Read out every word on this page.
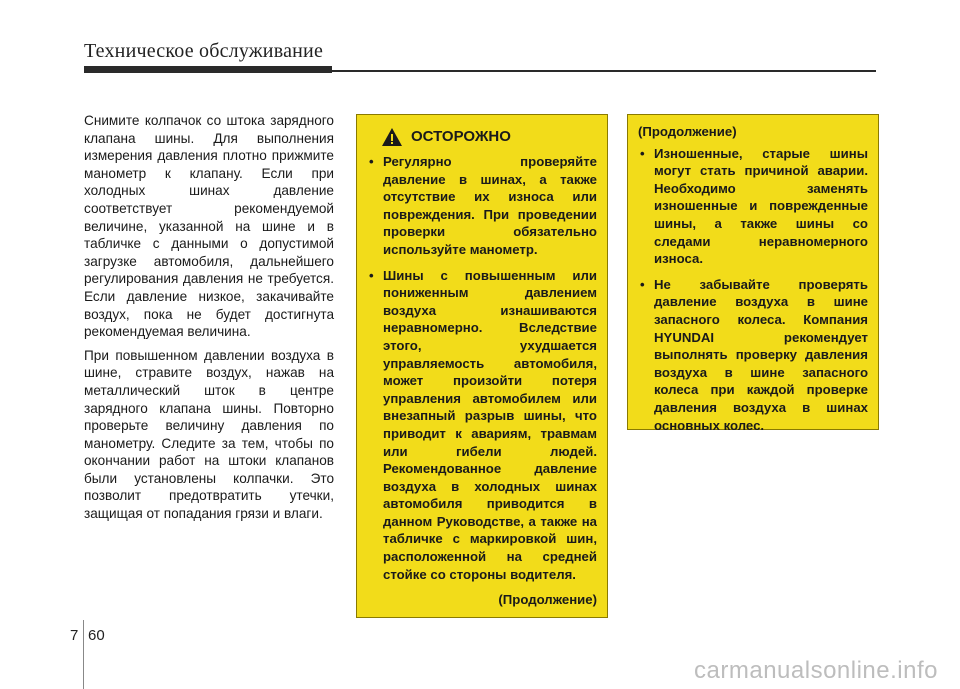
Техническое обслуживание

Снимите колпачок со штока зарядного клапана шины. Для выполнения измерения давления плотно прижмите манометр к клапану. Если при холодных шинах давление соответствует рекомендуемой величине, указанной на шине и в табличке с данными о допустимой загрузке автомобиля, дальнейшего регулирования давления не требуется. Если давление низкое, закачивайте воздух, пока не будет достигнута рекомендуемая величина.

При повышенном давлении воздуха в шине, стравите воздух, нажав на металлический шток в центре зарядного клапана шины. Повторно проверьте величину давления по манометру. Следите за тем, чтобы по окончании работ на штоки клапанов были установлены колпачки. Это позволит предотвратить утечки, защищая от попадания грязи и влаги.

ОСТОРОЖНО
• Регулярно проверяйте давление в шинах, а также отсутствие их износа или повреждения. При проведении проверки обязательно используйте манометр.
• Шины с повышенным или пониженным давлением воздуха изнашиваются неравномерно. Вследствие этого, ухудшается управляемость автомобиля, может произойти потеря управления автомобилем или внезапный разрыв шины, что приводит к авариям, травмам или гибели людей. Рекомендованное давление воздуха в холодных шинах автомобиля приводится в данном Руководстве, а также на табличке с маркировкой шин, расположенной на средней стойке со стороны водителя.
(Продолжение)
(Продолжение)
• Изношенные, старые шины могут стать причиной аварии. Необходимо заменять изношенные и поврежденные шины, а также шины со следами неравномерного износа.
• Не забывайте проверять давление воздуха в шине запасного колеса. Компания HYUNDAI рекомендует выполнять проверку давления воздуха в шине запасного колеса при каждой проверке давления воздуха в шинах основных колес.
7 60
carmanualsonline.info
